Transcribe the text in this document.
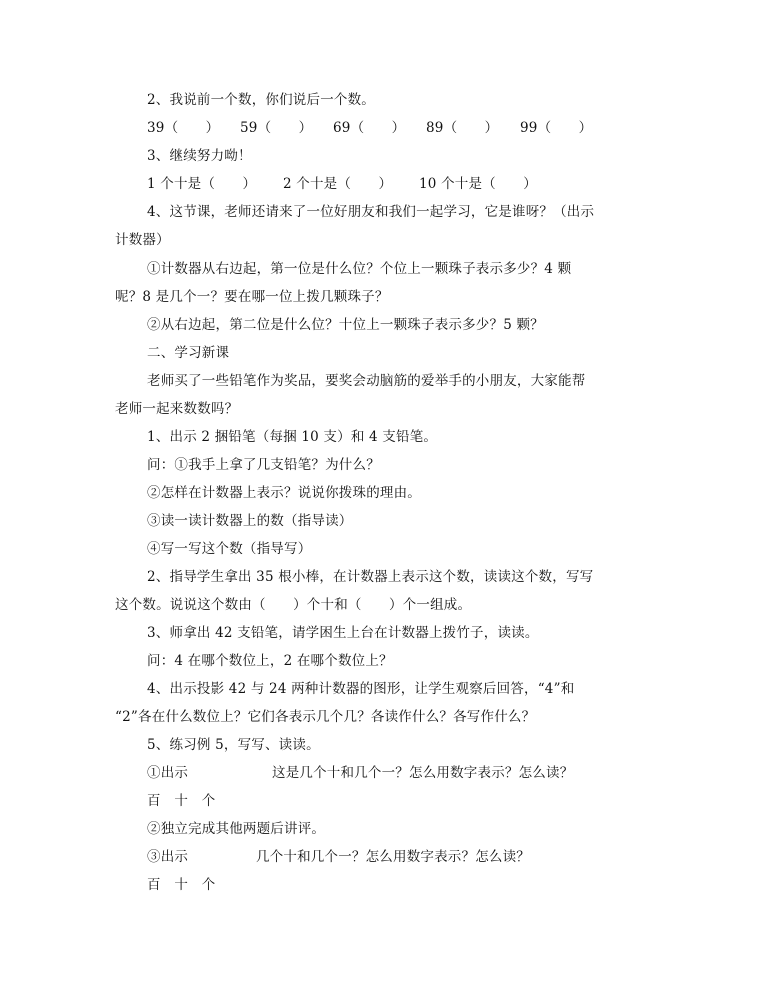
2、我说前一个数，你们说后一个数。
39（　　） 59（　　） 69（　　） 89（　　） 99（　　）
3、继续努力呦！
1 个十是（　　） 2 个十是（　　） 10 个十是（　　）
4、这节课，老师还请来了一位好朋友和我们一起学习，它是谁呀？（出示
计数器）
①计数器从右边起，第一位是什么位？个位上一颗珠子表示多少？4 颗
呢？8 是几个一？要在哪一位上拨几颗珠子？
②从右边起，第二位是什么位？十位上一颗珠子表示多少？5 颗？
二、学习新课
老师买了一些铅笔作为奖品，要奖会动脑筋的爱举手的小朋友，大家能帮
老师一起来数数吗？
1、出示 2 捆铅笔（每捆 10 支）和 4 支铅笔。
问：①我手上拿了几支铅笔？为什么？
②怎样在计数器上表示？说说你拨珠的理由。
③读一读计数器上的数（指导读）
④写一写这个数（指导写）
2、指导学生拿出 35 根小棒，在计数器上表示这个数，读读这个数，写写
这个数。说说这个数由（　　）个十和（　　）个一组成。
3、师拿出 42 支铅笔，请学困生上台在计数器上拨竹子，读读。
问：4 在哪个数位上，2 在哪个数位上？
4、出示投影 42 与 24 两种计数器的图形，让学生观察后回答，“4”和
“2”各在什么数位上？它们各表示几个几？各读作什么？各写作什么？
5、练习例 5，写写、读读。
①出示	这是几个十和几个一？怎么用数字表示？怎么读？
百　十　个
②独立完成其他两题后讲评。
③出示	几个十和几个一？怎么用数字表示？怎么读？
百　十　个
